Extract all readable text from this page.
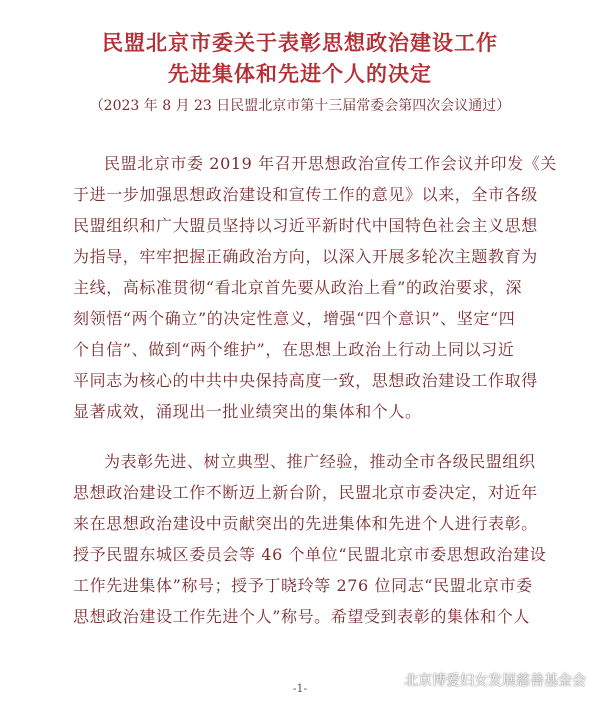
民盟北京市委关于表彰思想政治建设工作
先进集体和先进个人的决定
（2023 年 8 月 23 日民盟北京市第十三届常委会第四次会议通过）
民盟北京市委 2019 年召开思想政治宣传工作会议并印发《关
于进一步加强思想政治建设和宣传工作的意见》以来，全市各级
民盟组织和广大盟员坚持以习近平新时代中国特色社会主义思想
为指导，牢牢把握正确政治方向，以深入开展多轮次主题教育为
主线，高标准贯彻“看北京首先要从政治上看”的政治要求，深
刻领悟“两个确立”的决定性意义，增强“四个意识”、坚定“四
个自信”、做到“两个维护”，在思想上政治上行动上同以习近
平同志为核心的中共中央保持高度一致，思想政治建设工作取得
显著成效，涌现出一批业绩突出的集体和个人。
为表彰先进、树立典型、推广经验，推动全市各级民盟组织
思想政治建设工作不断迈上新台阶，民盟北京市委决定，对近年
来在思想政治建设中贡献突出的先进集体和先进个人进行表彰。
授予民盟东城区委员会等 46 个单位“民盟北京市委思想政治建设
工作先进集体”称号；授予丁晓玲等 276 位同志“民盟北京市委
思想政治建设工作先进个人”称号。希望受到表彰的集体和个人
-1-	北京博爱妇女发展慈善基金会
